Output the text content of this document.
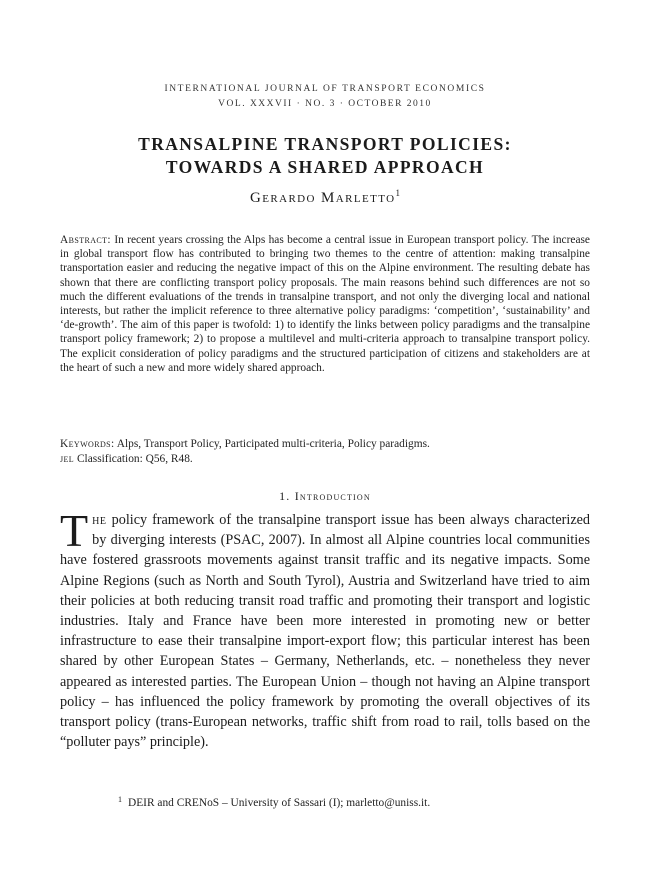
INTERNATIONAL JOURNAL OF TRANSPORT ECONOMICS
VOL. XXXVII · NO. 3 · OCTOBER 2010
TRANSALPINE TRANSPORT POLICIES:
TOWARDS A SHARED APPROACH
Gerardo Marletto$^1$
Abstract: In recent years crossing the Alps has become a central issue in European transport policy. The increase in global transport flow has contributed to bringing two themes to the centre of attention: making transalpine transportation easier and reducing the negative impact of this on the Alpine environment. The resulting debate has shown that there are conflicting transport policy proposals. The main reasons behind such differences are not so much the different evaluations of the trends in transalpine transport, and not only the diverging local and national interests, but rather the implicit reference to three alternative policy paradigms: ‘competition’, ‘sustainability’ and ‘de-growth’. The aim of this paper is twofold: 1) to identify the links between policy paradigms and the transalpine transport policy framework; 2) to propose a multilevel and multi-criteria approach to transalpine transport policy. The explicit consideration of policy paradigms and the structured participation of citizens and stakeholders are at the heart of such a new and more widely shared approach.
Keywords: Alps, Transport Policy, Participated multi-criteria, Policy paradigms.
jel Classification: Q56, R48.
1. Introduction
The policy framework of the transalpine transport issue has been always characterized by diverging interests (PSAC, 2007). In almost all Alpine countries local communities have fostered grassroots movements against transit traffic and its negative impacts. Some Alpine Regions (such as North and South Tyrol), Austria and Switzerland have tried to aim their policies at both reducing transit road traffic and promoting their transport and logistic industries. Italy and France have been more interested in promoting new or better infrastructure to ease their transalpine import-export flow; this particular interest has been shared by other European States – Germany, Netherlands, etc. – nonetheless they never appeared as interested parties. The European Union – though not having an Alpine transport policy – has influenced the policy framework by promoting the overall objectives of its transport policy (trans-European networks, traffic shift from road to rail, tolls based on the “polluter pays” principle).
$^1$ DEIR and CRENoS – University of Sassari (I); marletto@uniss.it.
